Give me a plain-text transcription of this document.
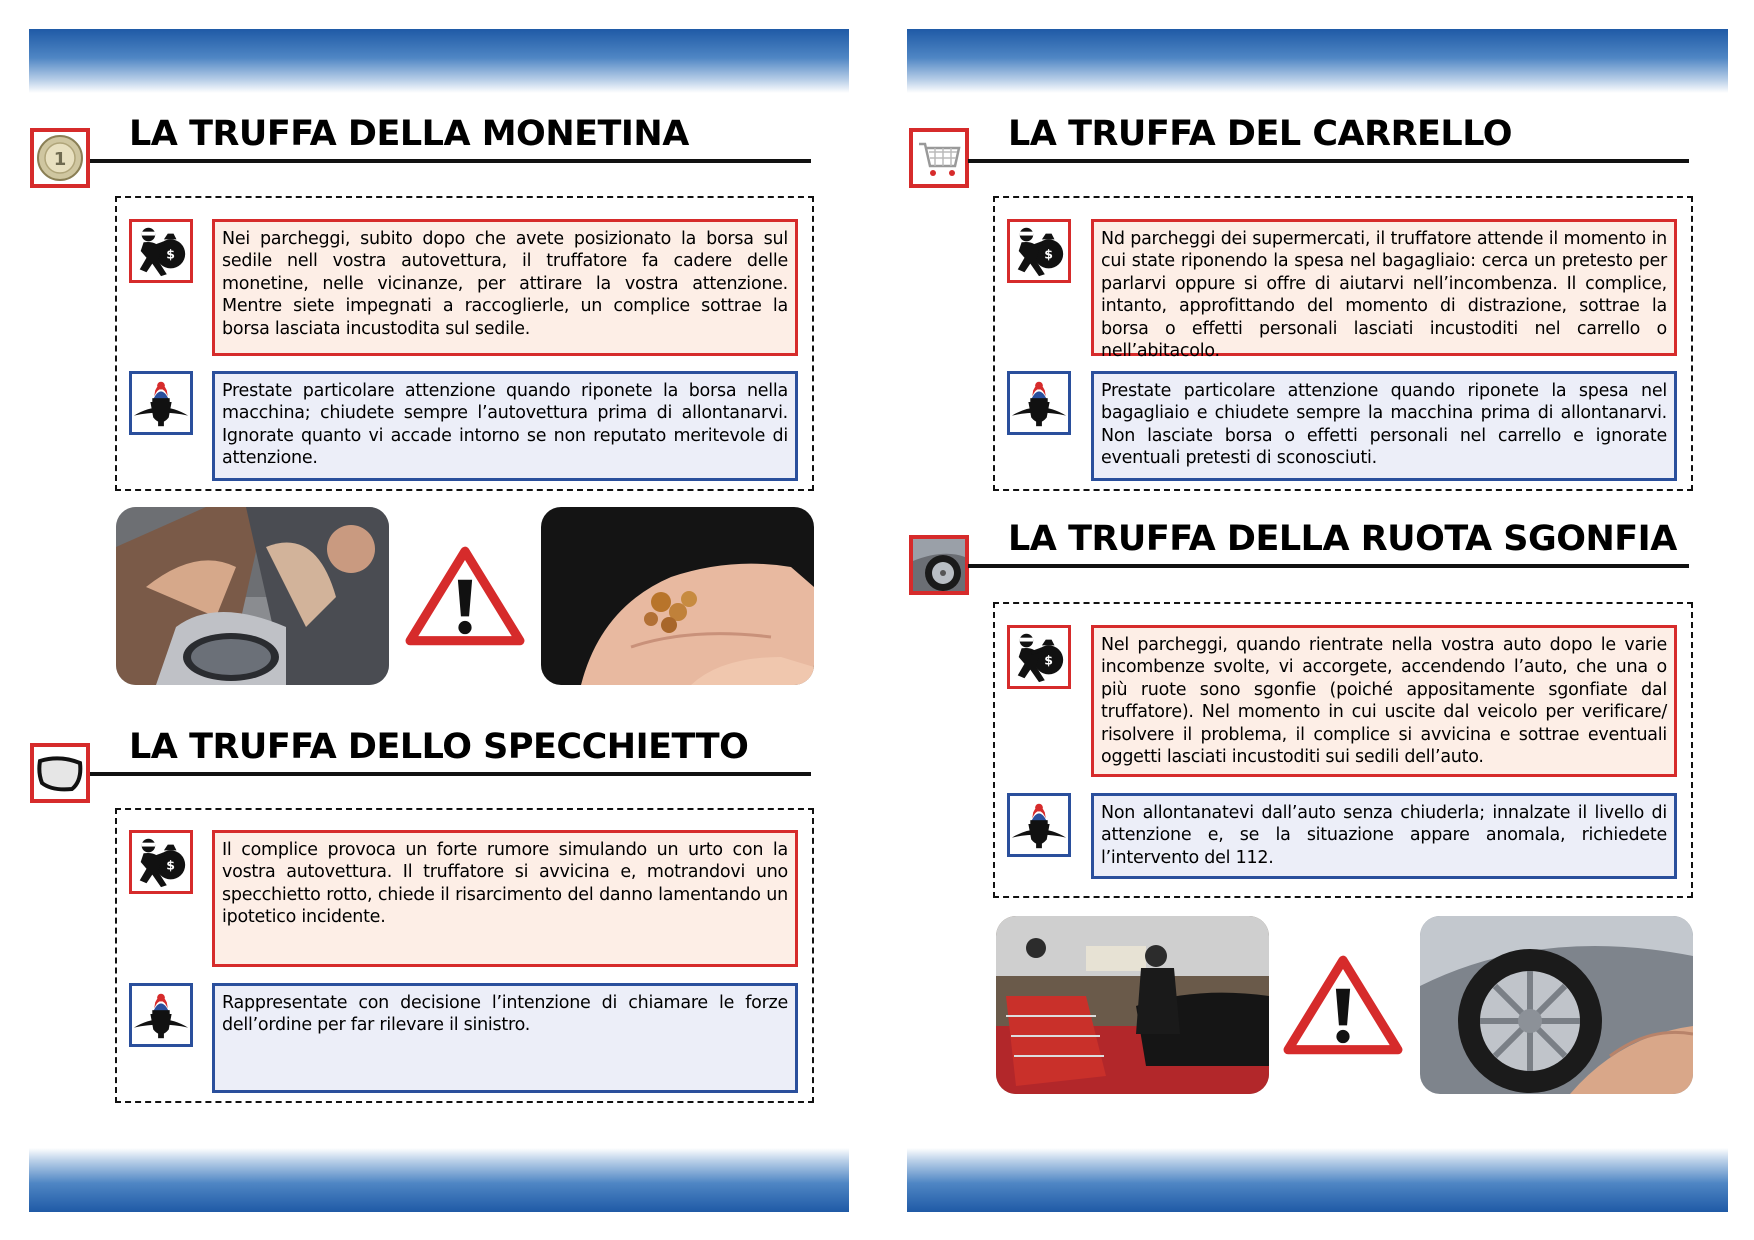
1
LA TRUFFA DELLA MONETINA
Nei parcheggi, subito dopo che avete posizionato la borsa sul sedile nell vostra autovettura, il truffatore fa cadere delle monetine, nelle vicinanze, per attirare la vostra attenzione. Mentre siete impegnati a raccoglierle, un complice sottrae la borsa lasciata incustodita sul sedile.
Prestate particolare attenzione quando riponete la borsa nella macchina; chiudete sempre l’autovettura prima di allontanarvi. Ignorate quanto vi accade intorno se non reputato meritevole di attenzione.
LA TRUFFA DELLO SPECCHIETTO
Il complice provoca un forte rumore simulando un urto con la vostra autovettura. Il truffatore si avvicina e, motrandovi uno specchietto rotto, chiede il risarcimento del danno lamentando un ipotetico incidente.
Rappresentate con decisione l’intenzione di chiamare le forze dell’ordine per far rilevare il sinistro.
LA TRUFFA DEL CARRELLO
Nd parcheggi dei supermercati, il truffatore attende il momento in cui state riponendo la spesa nel bagagliaio: cerca un pretesto per parlarvi oppure si offre di aiutarvi nell’incombenza. Il complice, intanto, approfittando del momento di distrazione, sottrae la borsa o effetti personali lasciati incustoditi nel carrello o nell’abitacolo.
Prestate particolare attenzione quando riponete la spesa nel bagagliaio e chiudete sempre la macchina prima di allontanarvi. Non lasciate borsa o effetti personali nel carrello e ignorate eventuali pretesti di sconosciuti.
LA TRUFFA DELLA RUOTA SGONFIA
Nel parcheggi, quando rientrate nella vostra auto dopo le varie incombenze svolte, vi accorgete, accendendo l’auto, che una o più ruote sono sgonfie (poiché appositamente sgonfiate dal truffatore). Nel momento in cui uscite dal veicolo per verificare/ risolvere il problema, il complice si avvicina e sottrae eventuali oggetti lasciati incustoditi sui sedili dell’auto.
Non allontanatevi dall’auto senza chiuderla; innalzate il livello di attenzione e, se la situazione appare anomala, richiedete l’intervento del 112.
